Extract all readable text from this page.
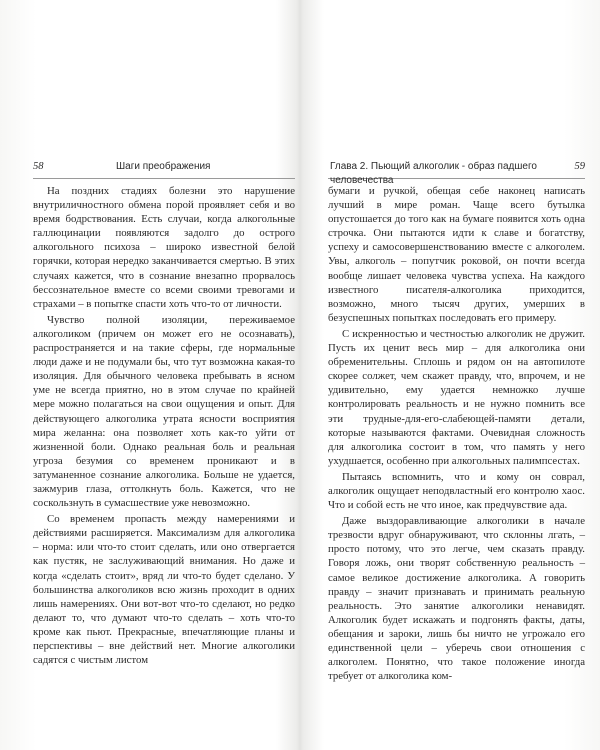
58	Шаги преображения

На поздних стадиях болезни это нарушение внутриличностного обмена порой проявляет себя и во время бодрствования. Есть случаи, когда алкогольные галлюцинации появляются задолго до острого алкогольного психоза – широко известной белой горячки, которая нередко заканчивается смертью. В этих случаях кажется, что в сознание внезапно прорвалось бессознательное вместе со всеми своими тревогами и страхами – в попытке спасти хоть что-то от личности.

Чувство полной изоляции, переживаемое алкоголиком (причем он может его не осознавать), распространяется и на такие сферы, где нормальные люди даже и не подумали бы, что тут возможна какая-то изоляция. Для обычного человека пребывать в ясном уме не всегда приятно, но в этом случае по крайней мере можно полагаться на свои ощущения и опыт. Для действующего алкоголика утрата ясности восприятия мира желанна: она позволяет хоть как-то уйти от жизненной боли. Однако реальная боль и реальная угроза безумия со временем проникают и в затуманенное сознание алкоголика. Больше не удается, зажмурив глаза, оттолкнуть боль. Кажется, что не соскользнуть в сумасшествие уже невозможно.

Со временем пропасть между намерениями и действиями расширяется. Максимализм для алкоголика – норма: или что-то стоит сделать, или оно отвергается как пустяк, не заслуживающий внимания. Но даже и когда «сделать стоит», вряд ли что-то будет сделано. У большинства алкоголиков всю жизнь проходит в одних лишь намерениях. Они вот-вот что-то сделают, но редко делают то, что думают что-то сделать – хоть что-то кроме как пьют. Прекрасные, впечатляющие планы и перспективы – вне действий нет. Многие алкоголики садятся с чистым листом

Глава 2. Пьющий алкоголик - образ падшего человечества
59

бумаги и ручкой, обещая себе наконец написать лучший в мире роман. Чаще всего бутылка опустошается до того как на бумаге появится хоть одна строчка. Они пытаются идти к славе и богатству, успеху и самосовершенствованию вместе с алкоголем. Увы, алкоголь – попутчик роковой, он почти всегда вообще лишает человека чувства успеха. На каждого известного писателя-алкоголика приходится, возможно, много тысяч других, умерших в безуспешных попытках последовать его примеру.

С искренностью и честностью алкоголик не дружит. Пусть их ценит весь мир – для алкоголика они обременительны. Сплошь и рядом он на автопилоте скорее солжет, чем скажет правду, что, впрочем, и не удивительно, ему удается немножко лучше контролировать реальность и не нужно помнить все эти трудные-для-его-слабеющей-памяти детали, которые называются фактами. Очевидная сложность для алкоголика состоит в том, что память у него ухудшается, особенно при алкогольных палимпсестах.

Пытаясь вспомнить, что и кому он соврал, алкоголик ощущает неподвластный его контролю хаос. Что и собой есть не что иное, как предчувствие ада.

Даже выздоравливающие алкоголики в начале трезвости вдруг обнаруживают, что склонны лгать, – просто потому, что это легче, чем сказать правду. Говоря ложь, они творят собственную реальность – самое великое достижение алкоголика. А говорить правду – значит признавать и принимать реальную реальность. Это занятие алкоголики ненавидят. Алкоголик будет искажать и подгонять факты, даты, обещания и зароки, лишь бы ничто не угрожало его единственной цели – уберечь свои отношения с алкоголем. Понятно, что такое положение иногда требует от алкоголика ком-
